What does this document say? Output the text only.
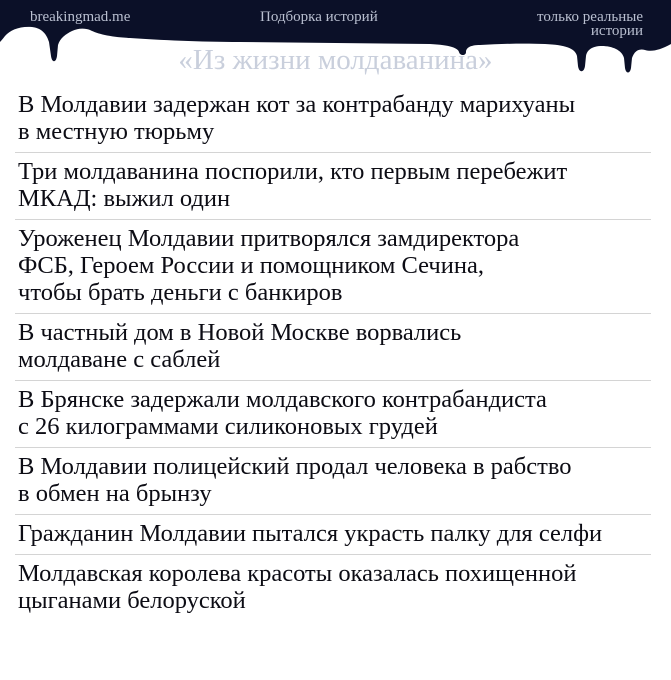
breakingmad.me	Подборка историй	только реальные
истории
«Из жизни молдаванина»
В Молдавии задержан кот за контрабанду марихуаны
в местную тюрьму
Три молдаванина поспорили, кто первым перебежит
МКАД: выжил один
Уроженец Молдавии притворялся замдиректора
ФСБ, Героем России и помощником Сечина,
чтобы брать деньги с банкиров
В частный дом в Новой Москве ворвались
молдаване с саблей
В Брянске задержали молдавского контрабандиста
с 26 килограммами силиконовых грудей
В Молдавии полицейский продал человека в рабство
в обмен на брынзу
Гражданин Молдавии пытался украсть палку для селфи
Молдавская королева красоты оказалась похищенной
цыганами белоруской
